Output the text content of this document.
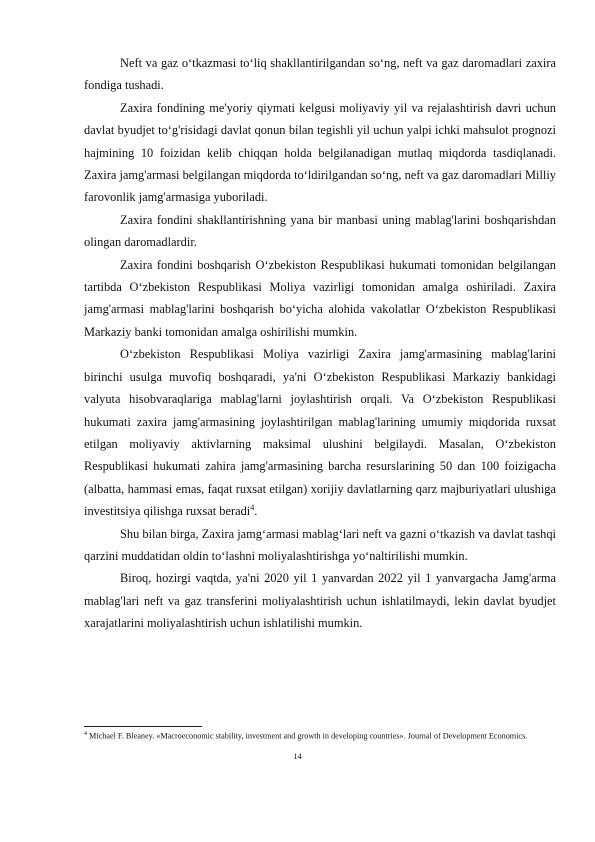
Neft va gaz o‘tkazmasi to‘liq shakllantirilgandan so‘ng, neft va gaz daromadlari zaxira fondiga tushadi.

Zaxira fondining me'yoriy qiymati kelgusi moliyaviy yil va rejalashtirish davri uchun davlat byudjet to‘g'risidagi davlat qonun bilan tegishli yil uchun yalpi ichki mahsulot prognozi hajmining 10 foizidan kelib chiqqan holda belgilanadigan mutlaq miqdorda tasdiqlanadi. Zaxira jamg'armasi belgilangan miqdorda to‘ldirilgandan so‘ng, neft va gaz daromadlari Milliy farovonlik jamg'armasiga yuboriladi.

Zaxira fondini shakllantirishning yana bir manbasi uning mablag'larini boshqarishdan olingan daromadlardir.

Zaxira fondini boshqarish O‘zbekiston Respublikasi hukumati tomonidan belgilangan tartibda O‘zbekiston Respublikasi Moliya vazirligi tomonidan amalga oshiriladi. Zaxira jamg'armasi mablag'larini boshqarish bo‘yicha alohida vakolatlar O‘zbekiston Respublikasi Markaziy banki tomonidan amalga oshirilishi mumkin.

O‘zbekiston Respublikasi Moliya vazirligi Zaxira jamg'armasining mablag'larini birinchi usulga muvofiq boshqaradi, ya'ni O‘zbekiston Respublikasi Markaziy bankidagi valyuta hisobvaraqlariga mablag'larni joylashtirish orqali. Va O‘zbekiston Respublikasi hukumati zaxira jamg'armasining joylashtirilgan mablag'larining umumiy miqdorida ruxsat etilgan moliyaviy aktivlarning maksimal ulushini belgilaydi. Masalan, O‘zbekiston Respublikasi hukumati zahira jamg'armasining barcha resurslarining 50 dan 100 foizigacha (albatta, hammasi emas, faqat ruxsat etilgan) xorijiy davlatlarning qarz majburiyatlari ulushiga investitsiya qilishga ruxsat beradi$^4$.

Shu bilan birga, Zaxira jamg‘armasi mablag‘lari neft va gazni o‘tkazish va davlat tashqi qarzini muddatidan oldin to‘lashni moliyalashtirishga yo‘naltirilishi mumkin.

Biroq, hozirgi vaqtda, ya'ni 2020 yil 1 yanvardan 2022 yil 1 yanvargacha Jamg'arma mablag'lari neft va gaz transferini moliyalashtirish uchun ishlatilmaydi, lekin davlat byudjet xarajatlarini moliyalashtirish uchun ishlatilishi mumkin.

$^4$ Michael F. Bleaney. «Macroeconomic stability, investment and growth in developing countries». Journal of Development Economics.

14
